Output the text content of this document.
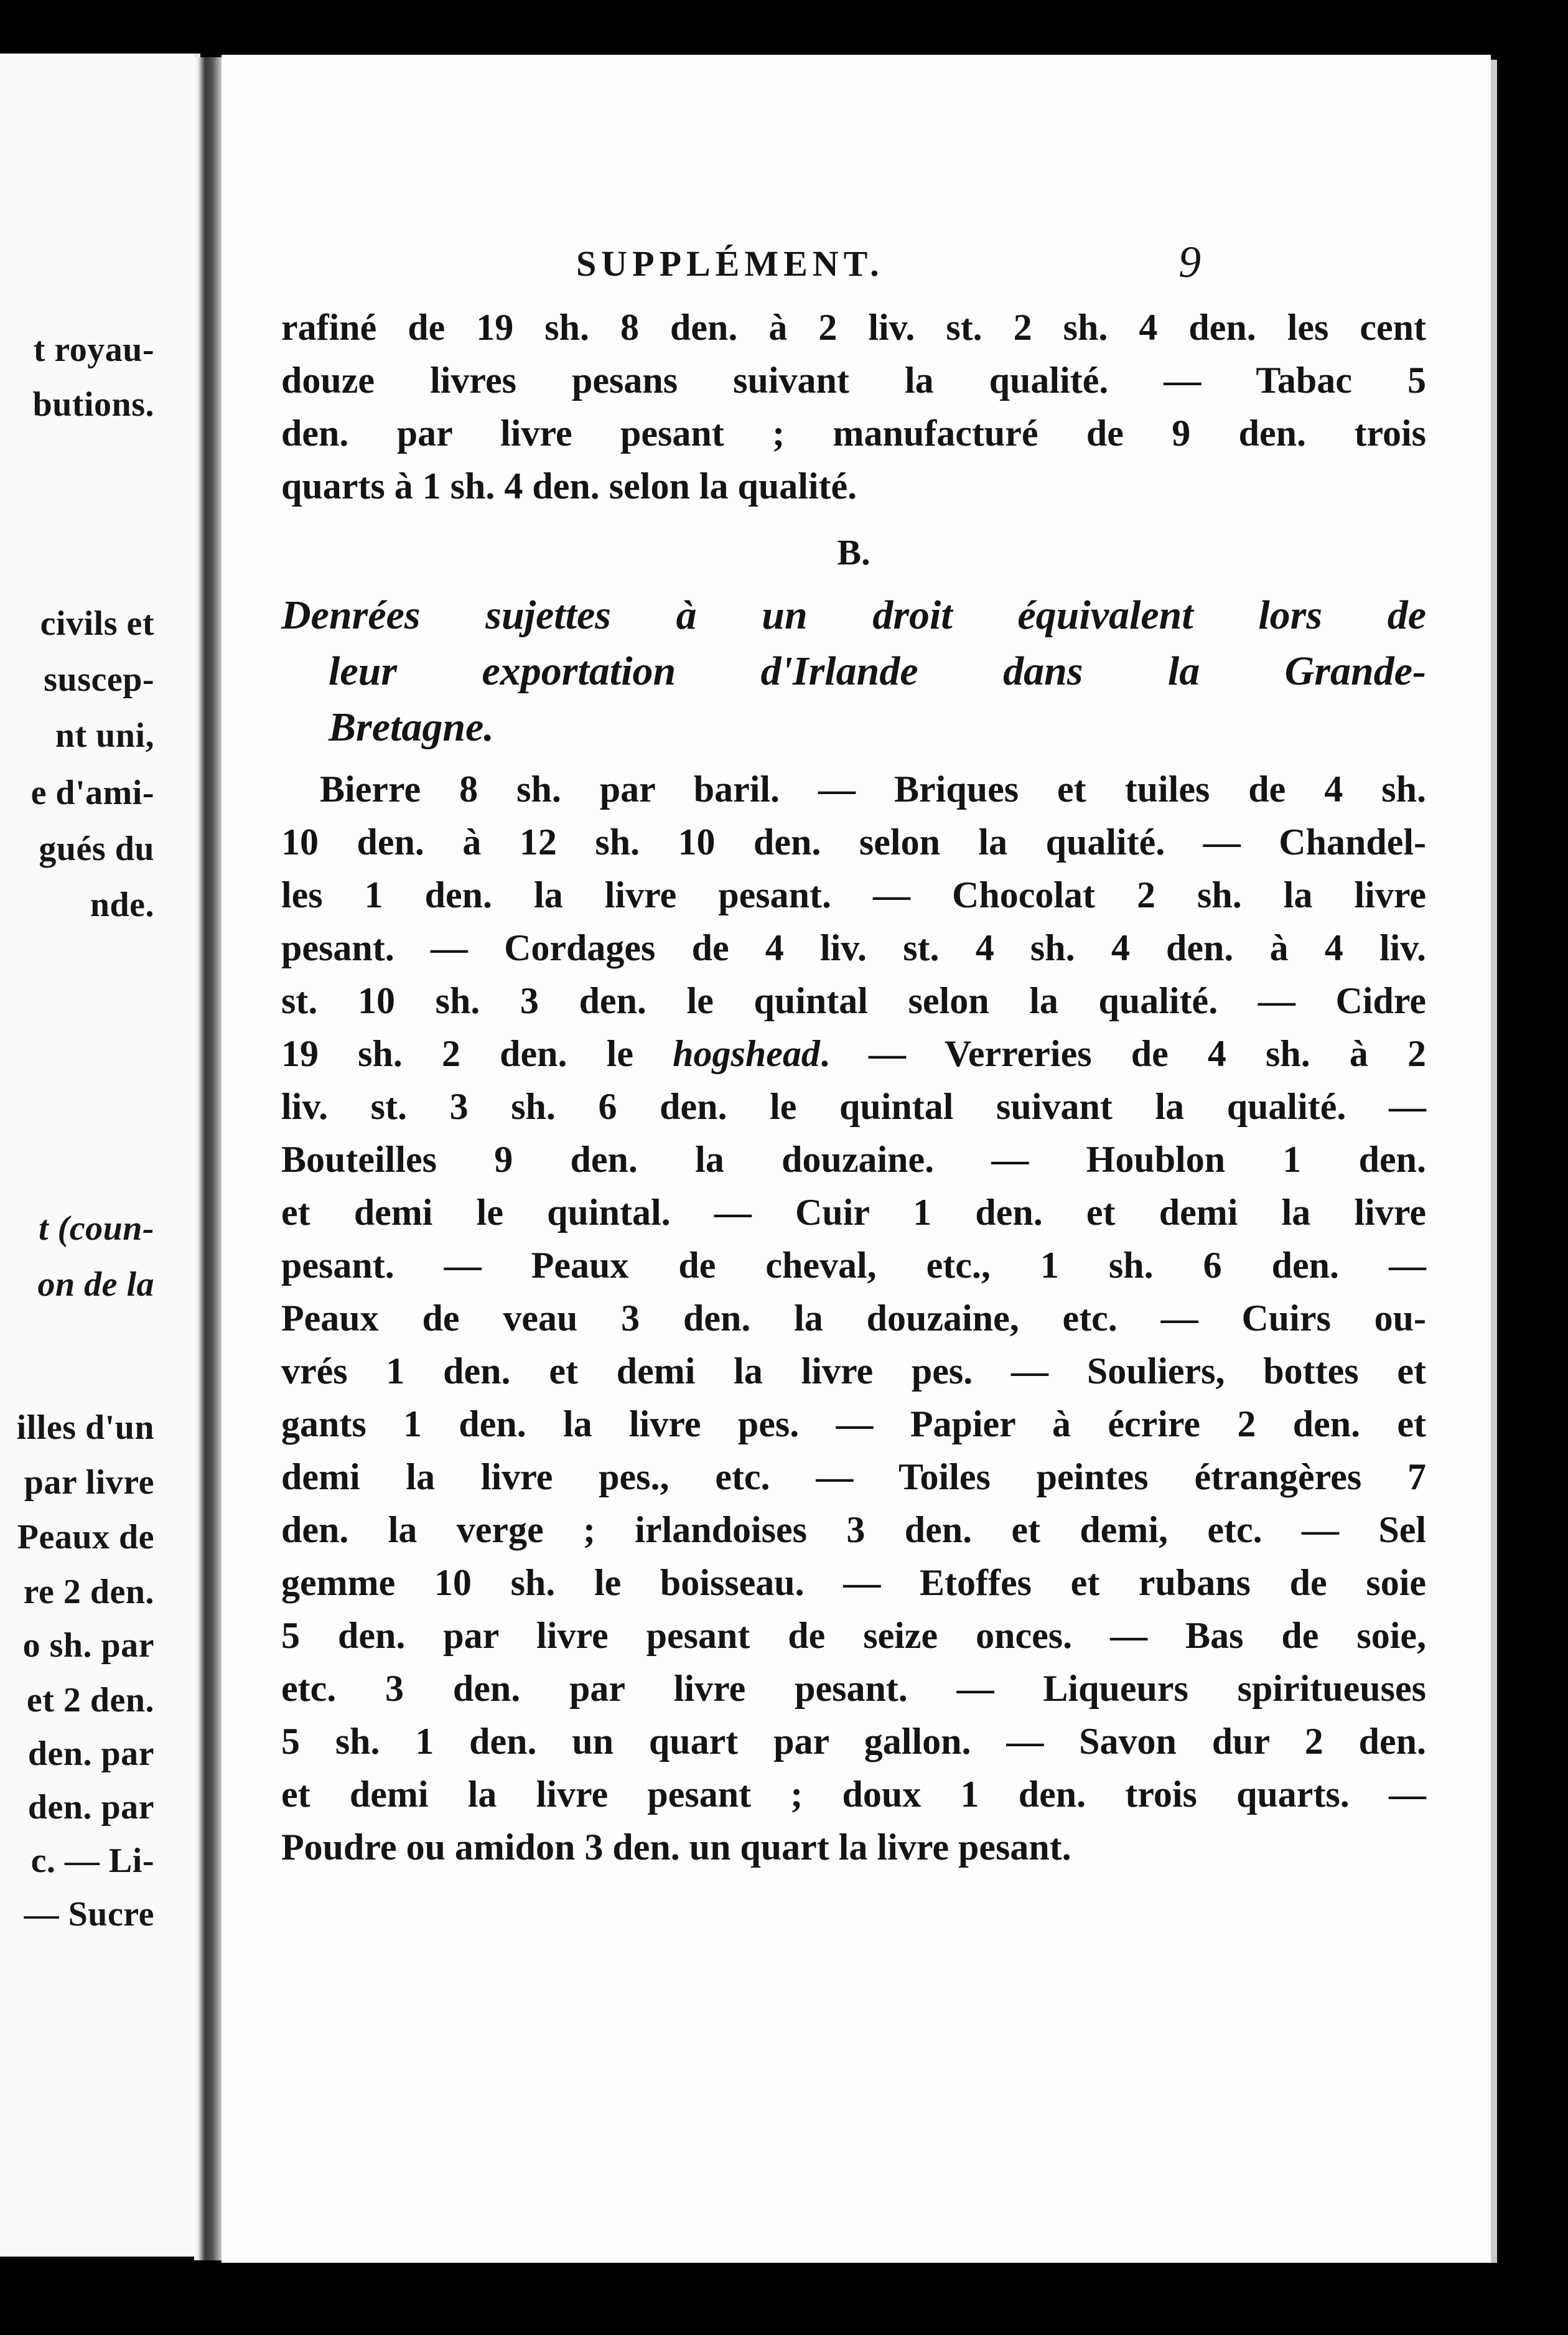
t royau-
butions.
civils et
suscep-
nt uni,
e d'ami-
gués du
nde.
t (coun-
on de la
illes d'un
par livre
Peaux de
re 2 den.
o sh. par
et 2 den.
den. par
den. par
c. — Li-
— Sucre
SUPPLÉMENT.	9
rafiné de 19 sh. 8 den. à 2 liv. st. 2 sh. 4 den. les cent
douze livres pesans suivant la qualité. — Tabac 5
den. par livre pesant ; manufacturé de 9 den. trois
quarts à 1 sh. 4 den. selon la qualité.
B.
Denrées sujettes à un droit équivalent lors de
leur exportation d'Irlande dans la Grande-
Bretagne.
Bierre 8 sh. par baril. — Briques et tuiles de 4 sh.
10 den. à 12 sh. 10 den. selon la qualité. — Chandel-
les 1 den. la livre pesant. — Chocolat 2 sh. la livre
pesant. — Cordages de 4 liv. st. 4 sh. 4 den. à 4 liv.
st. 10 sh. 3 den. le quintal selon la qualité. — Cidre
19 sh. 2 den. le hogshead. — Verreries de 4 sh. à 2
liv. st. 3 sh. 6 den. le quintal suivant la qualité. —
Bouteilles 9 den. la douzaine. — Houblon 1 den.
et demi le quintal. — Cuir 1 den. et demi la livre
pesant. — Peaux de cheval, etc., 1 sh. 6 den. —
Peaux de veau 3 den. la douzaine, etc. — Cuirs ou-
vrés 1 den. et demi la livre pes. — Souliers, bottes et
gants 1 den. la livre pes. — Papier à écrire 2 den. et
demi la livre pes., etc. — Toiles peintes étrangères 7
den. la verge ; irlandoises 3 den. et demi, etc. — Sel
gemme 10 sh. le boisseau. — Etoffes et rubans de soie
5 den. par livre pesant de seize onces. — Bas de soie,
etc. 3 den. par livre pesant. — Liqueurs spiritueuses
5 sh. 1 den. un quart par gallon. — Savon dur 2 den.
et demi la livre pesant ; doux 1 den. trois quarts. —
Poudre ou amidon 3 den. un quart la livre pesant.
